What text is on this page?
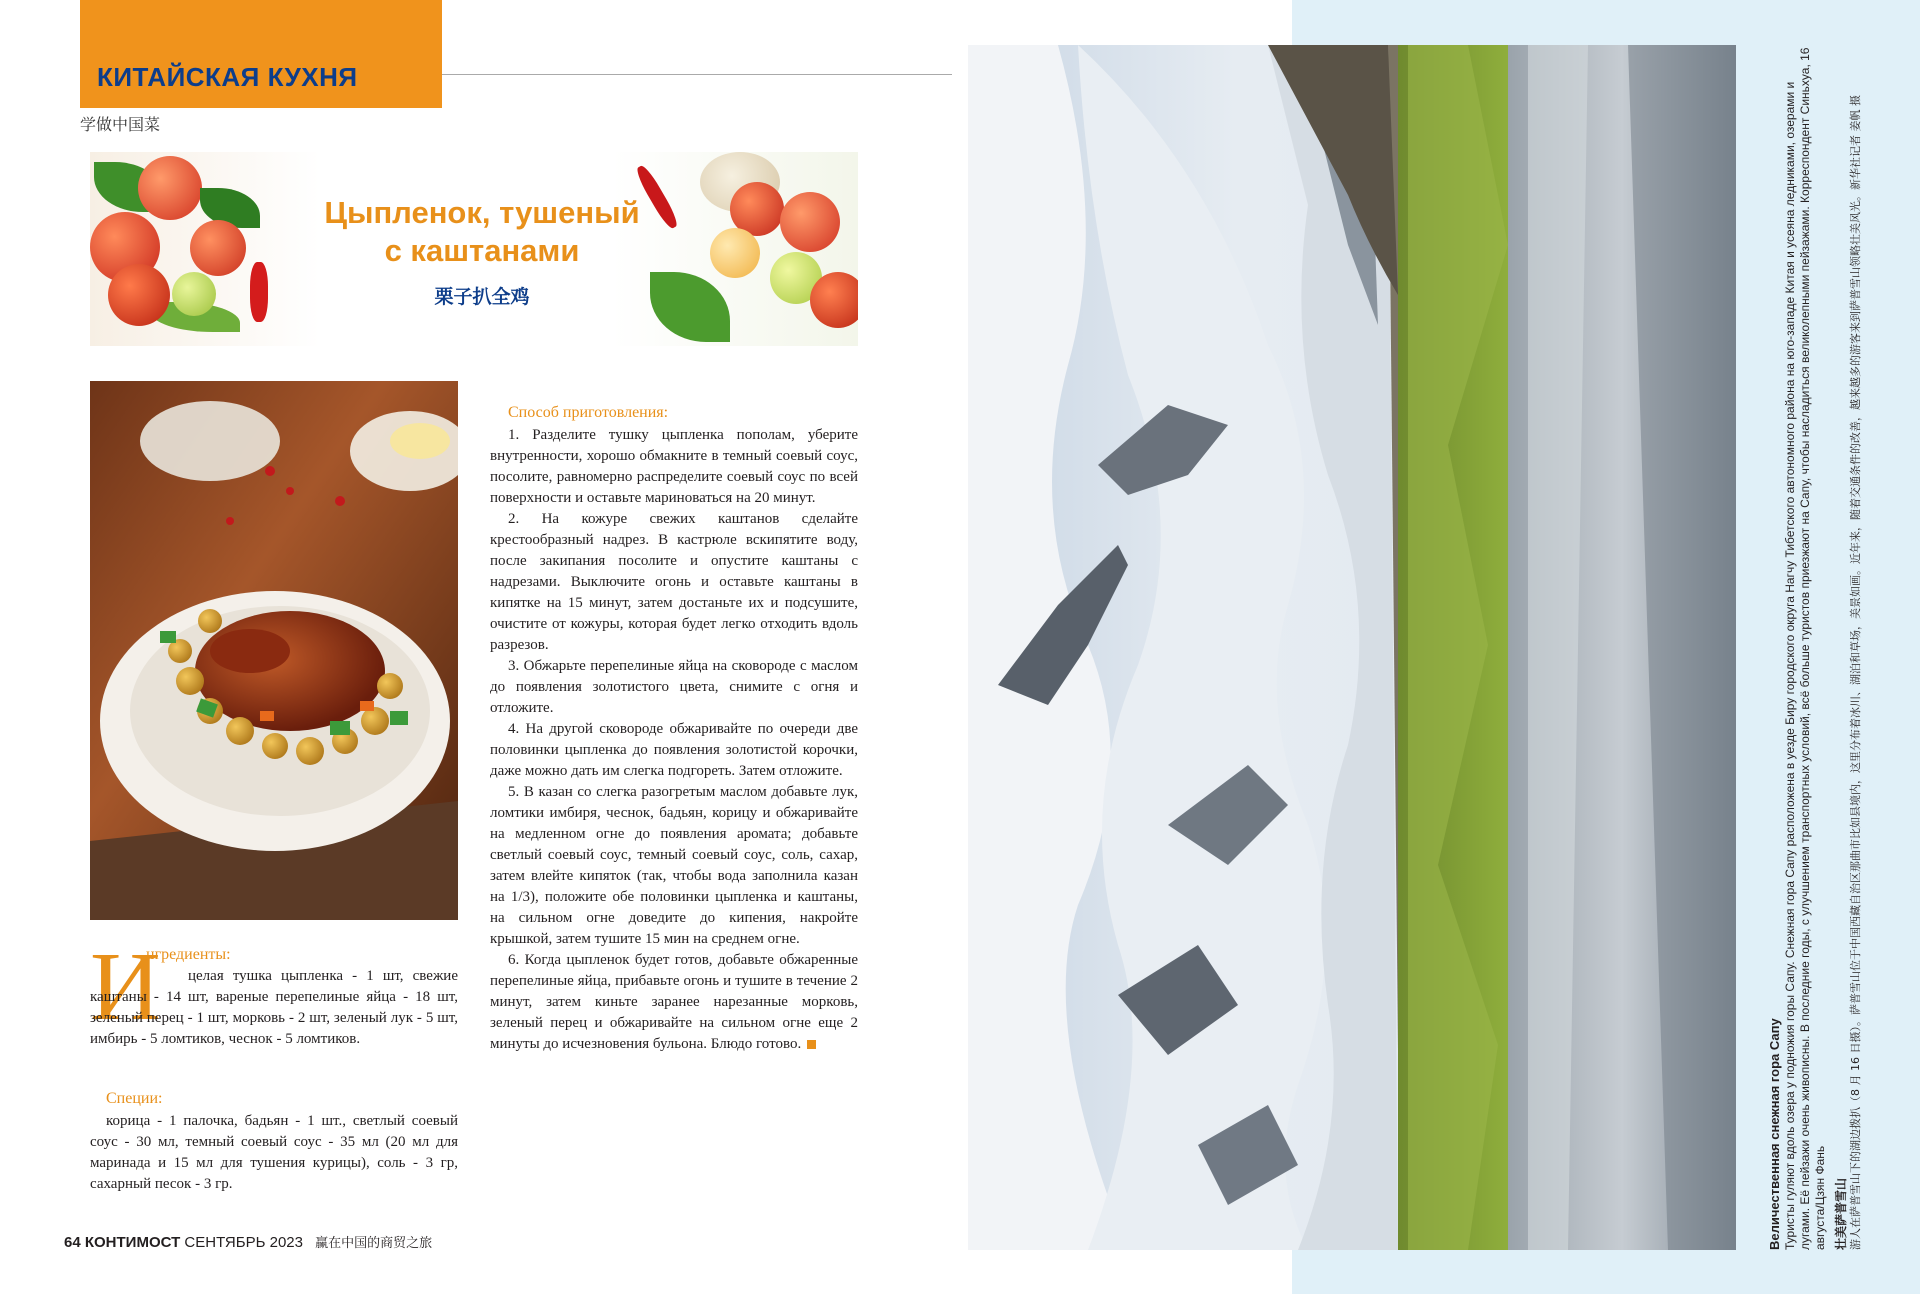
КИТАЙСКАЯ КУХНЯ
学做中国菜
Цыпленок, тушеный
с каштанами
栗子扒全鸡
И
нгредиенты:
целая тушка цыпленка - 1 шт, свежие каштаны - 14 шт, вареные перепелиные яйца - 18 шт, зеленый перец - 1 шт, морковь - 2 шт, зеленый лук - 5 шт, имбирь - 5 ломтиков, чеснок - 5 ломтиков.
Специи:
корица - 1 палочка, бадьян - 1 шт., светлый соевый соус - 30 мл, темный соевый соус - 35 мл (20 мл для маринада и 15 мл для тушения курицы), соль - 3 гр, сахарный песок - 3 гр.
Способ приготовления:

1. Разделите тушку цыпленка пополам, уберите внутренности, хорошо обмакните в темный соевый соус, посолите, равномерно распределите соевый соус по всей поверхности и оставьте мариноваться на 20 минут.

2. На кожуре свежих каштанов сделайте крестообразный надрез. В кастрюле вскипятите воду, после закипания посолите и опустите каштаны с надрезами. Выключите огонь и оставьте каштаны в кипятке на 15 минут, затем достаньте их и подсушите, очистите от кожуры, которая будет легко отходить вдоль разрезов.

3. Обжарьте перепелиные яйца на сковороде с маслом до появления золотистого цвета, снимите с огня и отложите.

4. На другой сковороде обжаривайте по очереди две половинки цыпленка до появления золотистой корочки, даже можно дать им слегка подгореть. Затем отложите.

5. В казан со слегка разогретым маслом добавьте лук, ломтики имбиря, чеснок, бадьян, корицу и обжаривайте на медленном огне до появления аромата; добавьте светлый соевый соус, темный соевый соус, соль, сахар, затем влейте кипяток (так, чтобы вода заполнила казан на 1/3), положите обе половинки цыпленка и каштаны, на сильном огне доведите до кипения, накройте крышкой, затем тушите 15 мин на среднем огне.

6. Когда цыпленок будет готов, добавьте обжаренные перепелиные яйца, прибавьте огонь и тушите в течение 2 минут, затем киньте заранее нарезанные морковь, зеленый перец и обжаривайте на сильном огне еще 2 минуты до исчезновения бульона. Блюдо готово.

64 КОНТИМОСТ СЕНТЯБРЬ 2023 赢在中国的商贸之旅	Величественная снежная гора Сапу Туристы гуляют вдоль озера у подножия горы Сапу. Снежная гора Сапу расположена в уезде Биру городского округа Нагчу Тибетского автономного района на юго-западе Китая и усеяна ледниками, озерами и лугами. Её пейзажи очень живописны. В последние годы, с улучшением транспортных условий, всё больше туристов приезжают на Сапу, чтобы насладиться великолепными пейзажами. Корреспондент Синьхуа, 16 августа/Цзян Фань 壮美萨普雪山 游人在萨普雪山下的湖边拨扒（8 月 16 日摄）。萨普雪山位于中国西藏自治区那曲市比如县境内，这里分布着冰川、湖泊和草场，美景如画。近年来，随着交通条件的改善，越来越多的游客来到萨普雪山领略壮美风光。新华社记者 姜帆 摄
